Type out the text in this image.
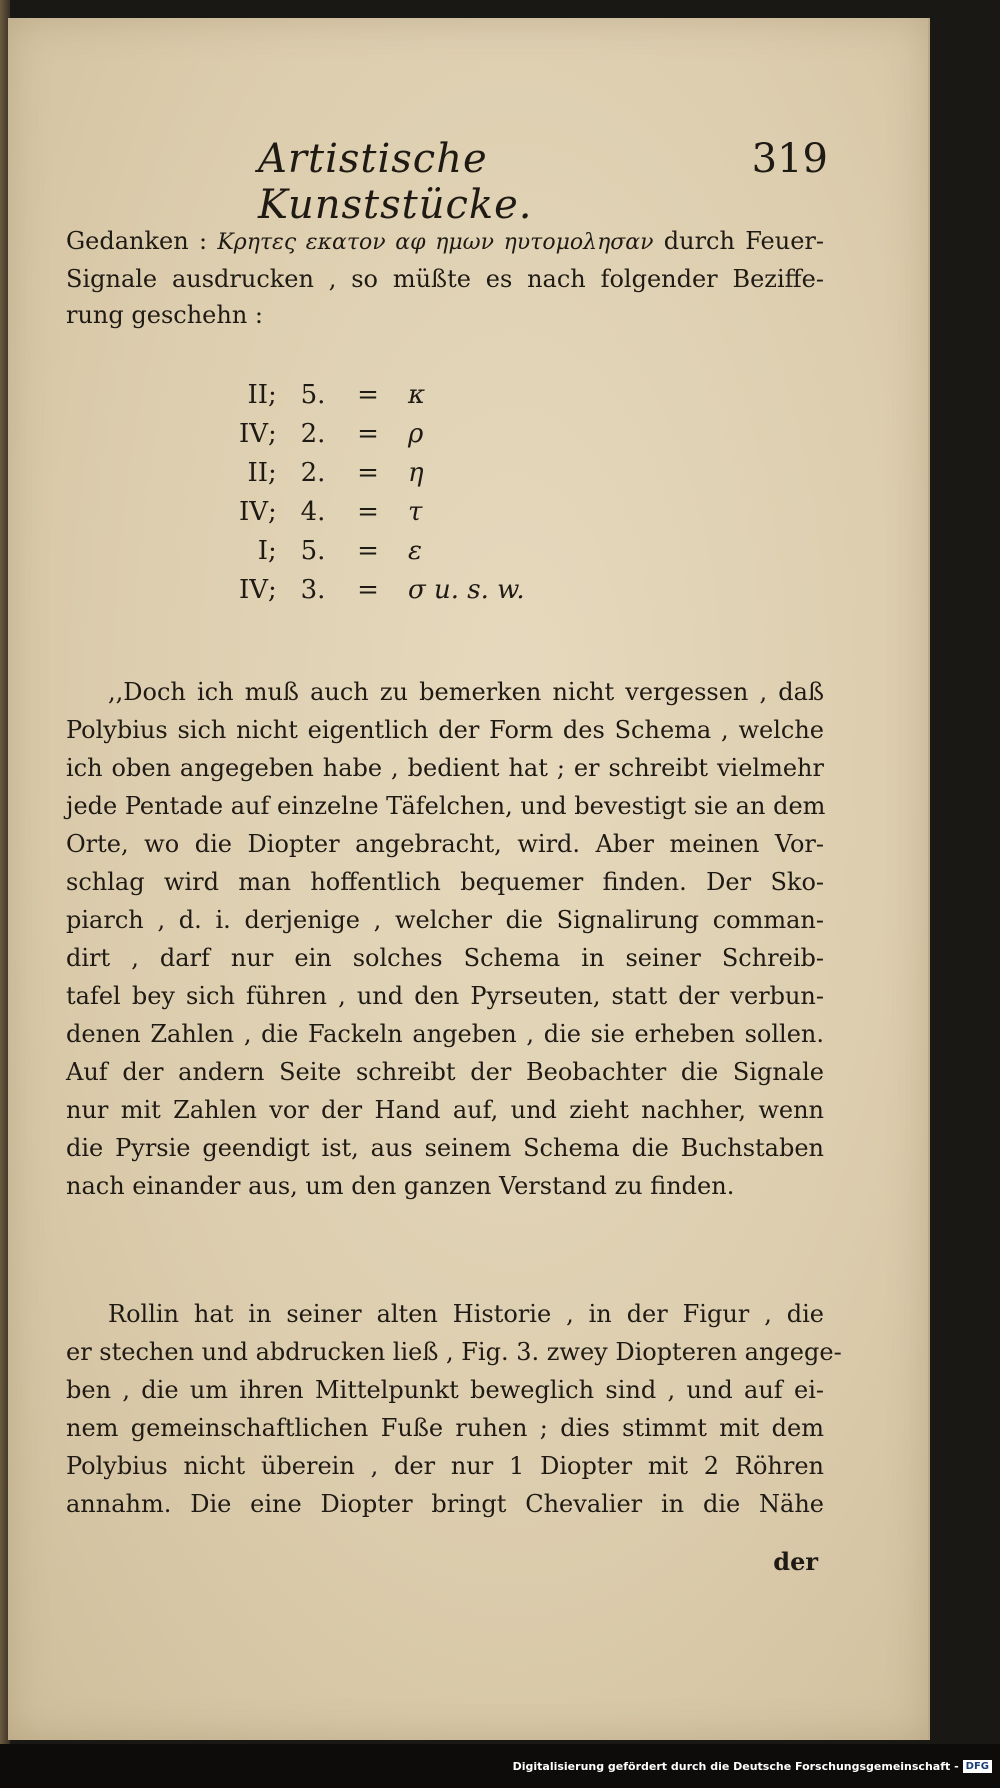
Artistische Kunststücke.
319
Gedanken : Κρητες εκατον αφ ημων ηυτομολησαν durch Feuer-
Signale ausdrucken , so müßte es nach folgender Beziffe-
rung geschehn :
II ; 5.	=	κ
IV ; 2.	=	ρ
II ; 2.	=	η
IV ; 4.	=	τ
I ; 5.	=	ε
IV ; 3.	=	σ u. s. w.
,,Doch ich muß auch zu bemerken nicht vergessen , daß
Polybius sich nicht eigentlich der Form des Schema , welche
ich oben angegeben habe , bedient hat ; er schreibt vielmehr
jede Pentade auf einzelne Täfelchen, und bevestigt sie an dem
Orte, wo die Diopter angebracht, wird. Aber meinen Vor-
schlag wird man hoffentlich bequemer finden. Der Sko-
piarch , d. i. derjenige , welcher die Signalirung comman-
dirt , darf nur ein solches Schema in seiner Schreib-
tafel bey sich führen , und den Pyrseuten, statt der verbun-
denen Zahlen , die Fackeln angeben , die sie erheben sollen.
Auf der andern Seite schreibt der Beobachter die Signale
nur mit Zahlen vor der Hand auf, und zieht nachher, wenn
die Pyrsie geendigt ist, aus seinem Schema die Buchstaben
nach einander aus, um den ganzen Verstand zu finden.
Rollin hat in seiner alten Historie , in der Figur , die
er stechen und abdrucken ließ , Fig. 3. zwey Diopteren angege-
ben , die um ihren Mittelpunkt beweglich sind , und auf ei-
nem gemeinschaftlichen Fuße ruhen ; dies stimmt mit dem
Polybius nicht überein , der nur 1 Diopter mit 2 Röhren
annahm. Die eine Diopter bringt Chevalier in die Nähe
der
Digitalisierung gefördert durch die Deutsche Forschungsgemeinschaft - DFG
